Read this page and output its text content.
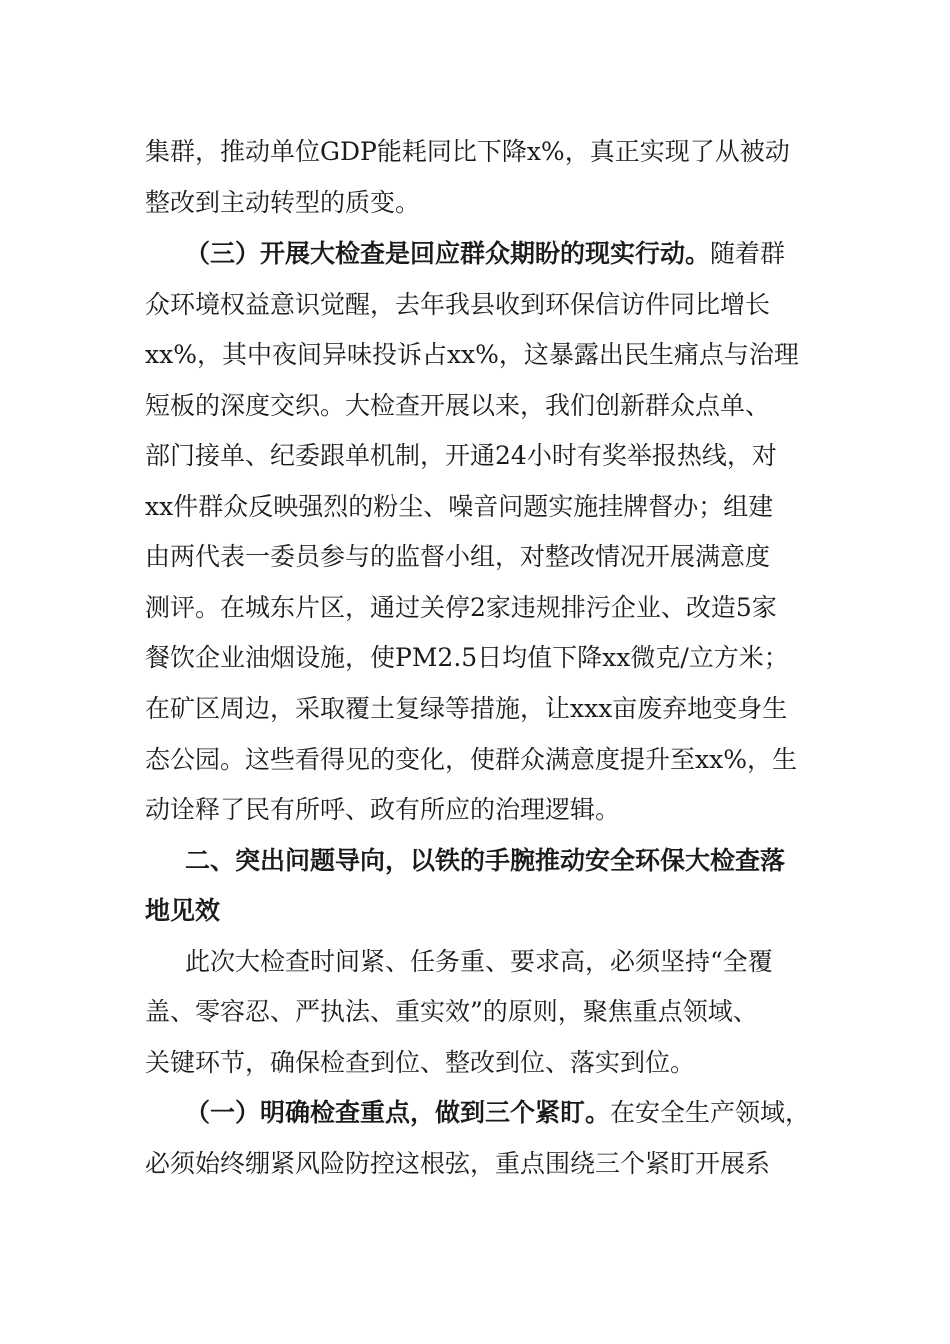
集群，推动单位GDP能耗同比下降x%，真正实现了从被动
整改到主动转型的质变。
（三）开展大检查是回应群众期盼的现实行动。随着群
众环境权益意识觉醒，去年我县收到环保信访件同比增长
xx%，其中夜间异味投诉占xx%，这暴露出民生痛点与治理
短板的深度交织。大检查开展以来，我们创新群众点单、
部门接单、纪委跟单机制，开通24小时有奖举报热线，对
xx件群众反映强烈的粉尘、噪音问题实施挂牌督办；组建
由两代表一委员参与的监督小组，对整改情况开展满意度
测评。在城东片区，通过关停2家违规排污企业、改造5家
餐饮企业油烟设施，使PM2.5日均值下降xx微克/立方米；
在矿区周边，采取覆土复绿等措施，让xxx亩废弃地变身生
态公园。这些看得见的变化，使群众满意度提升至xx%，生
动诠释了民有所呼、政有所应的治理逻辑。
二、突出问题导向，以铁的手腕推动安全环保大检查落
地见效
此次大检查时间紧、任务重、要求高，必须坚持“全覆
盖、零容忍、严执法、重实效”的原则，聚焦重点领域、
关键环节，确保检查到位、整改到位、落实到位。
（一）明确检查重点，做到三个紧盯。在安全生产领域，
必须始终绷紧风险防控这根弦，重点围绕三个紧盯开展系
